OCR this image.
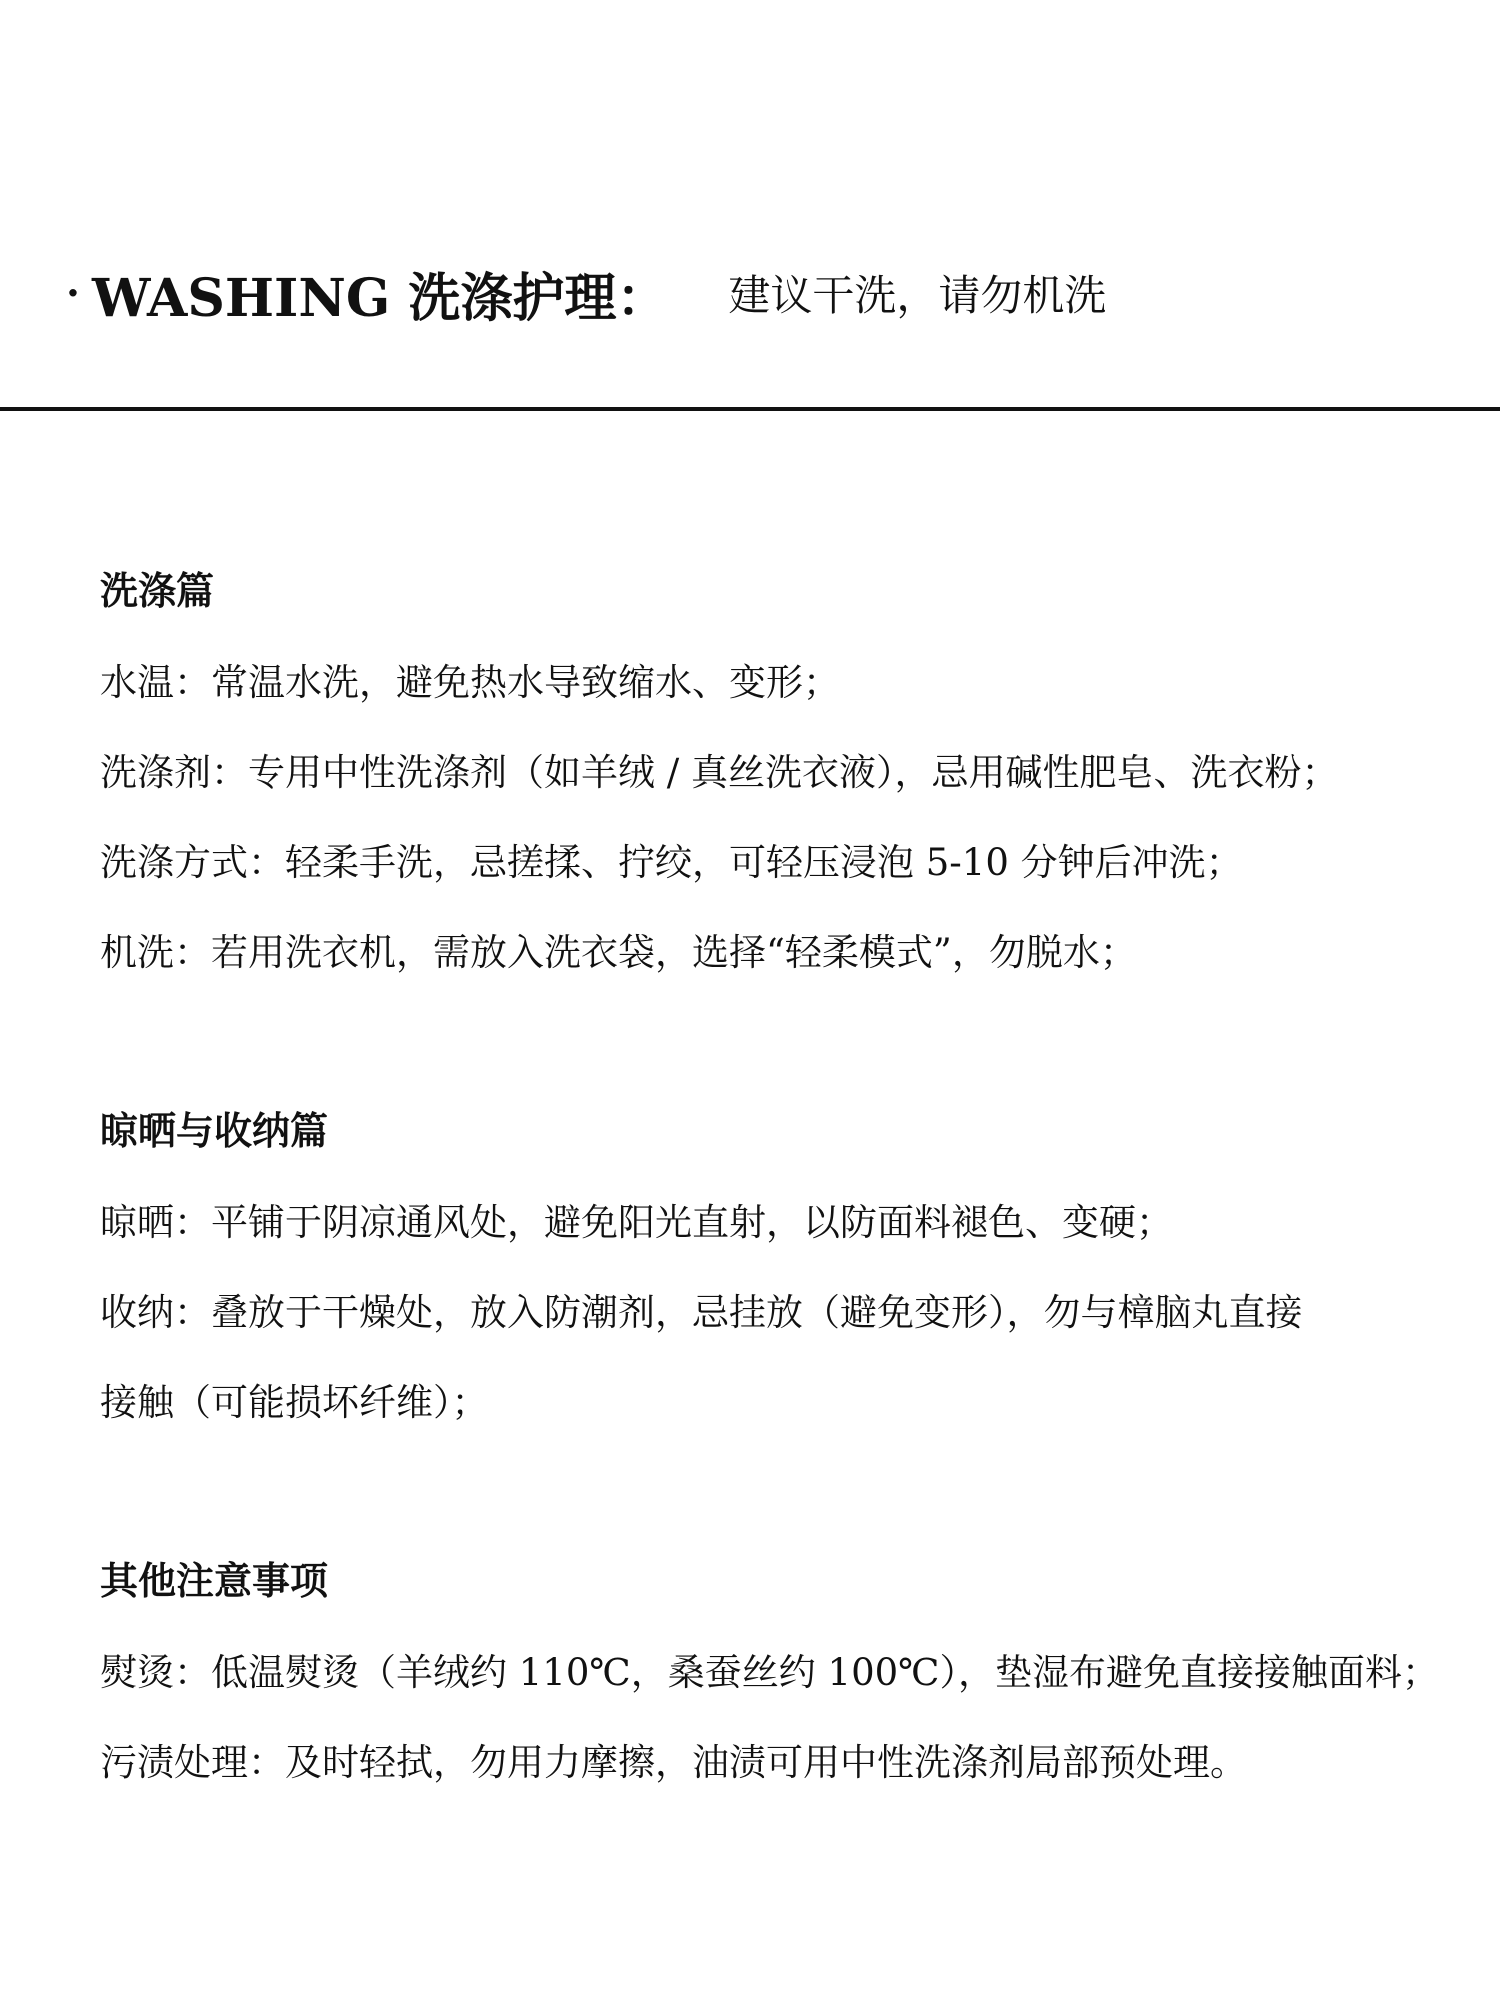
· WASHING 洗涤护理： 建议干洗，请勿机洗
洗涤篇
水温：常温水洗，避免热水导致缩水、变形；
洗涤剂：专用中性洗涤剂（如羊绒 / 真丝洗衣液），忌用碱性肥皂、洗衣粉；
洗涤方式：轻柔手洗，忌搓揉、拧绞，可轻压浸泡 5-10 分钟后冲洗；
机洗：若用洗衣机，需放入洗衣袋，选择“轻柔模式”，勿脱水；
晾晒与收纳篇
晾晒：平铺于阴凉通风处，避免阳光直射，以防面料褪色、变硬；
收纳：叠放于干燥处，放入防潮剂，忌挂放（避免变形），勿与樟脑丸直接
接触（可能损坏纤维）；
其他注意事项
熨烫：低温熨烫（羊绒约 110℃，桑蚕丝约 100℃），垫湿布避免直接接触面料；
污渍处理：及时轻拭，勿用力摩擦，油渍可用中性洗涤剂局部预处理。
